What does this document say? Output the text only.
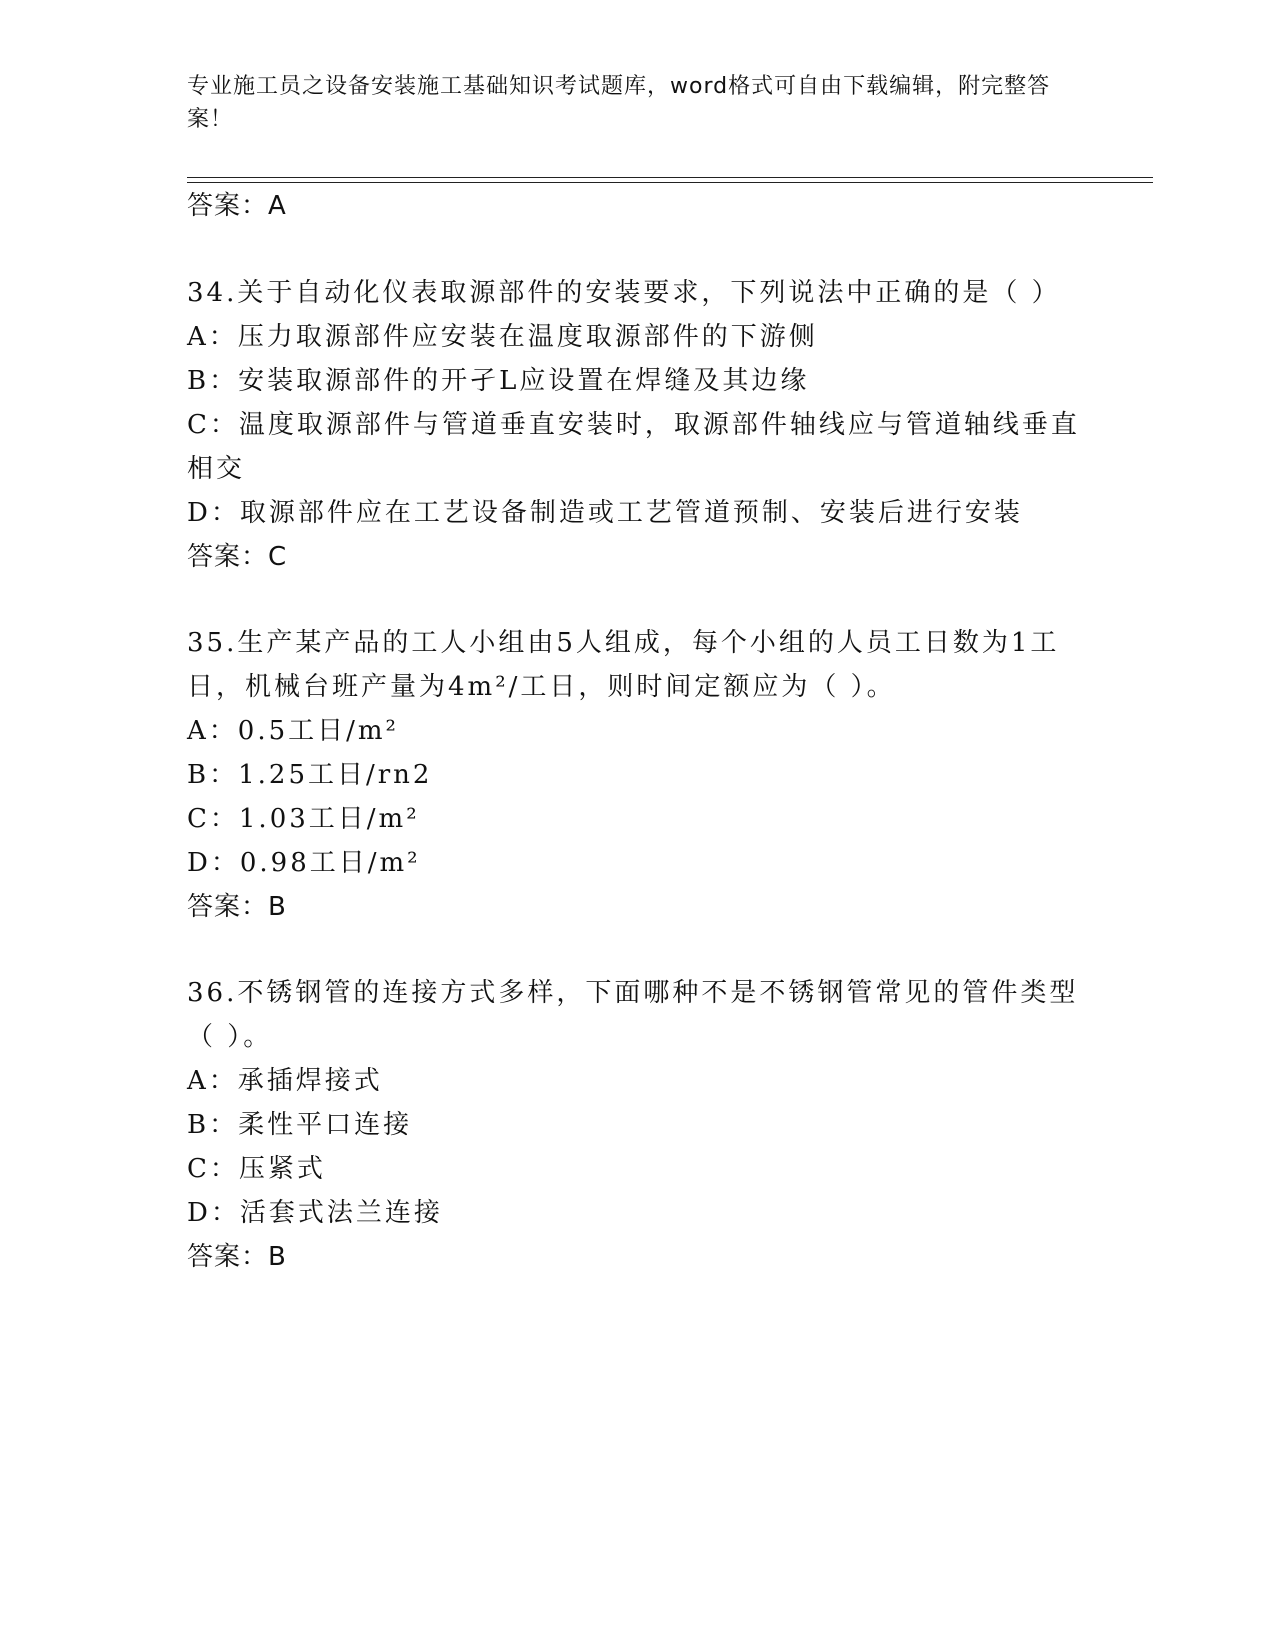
专业施工员之设备安装施工基础知识考试题库，word格式可自由下载编辑，附完整答案！
答案：A
34.关于自动化仪表取源部件的安装要求，下列说法中正确的是（ ）
A：压力取源部件应安装在温度取源部件的下游侧
B：安装取源部件的开孑L应设置在焊缝及其边缘
C：温度取源部件与管道垂直安装时，取源部件轴线应与管道轴线垂直
相交
D：取源部件应在工艺设备制造或工艺管道预制、安装后进行安装
答案：C
35.生产某产品的工人小组由5人组成，每个小组的人员工日数为1工
日，机械台班产量为4m²/工日，则时间定额应为（ ）。
A：0.5工日/m²
B：1.25工日/rn2
C：1.03工日/m²
D：0.98工日/m²
答案：B
36.不锈钢管的连接方式多样，下面哪种不是不锈钢管常见的管件类型
（ ）。
A：承插焊接式
B：柔性平口连接
C：压紧式
D：活套式法兰连接
答案：B
